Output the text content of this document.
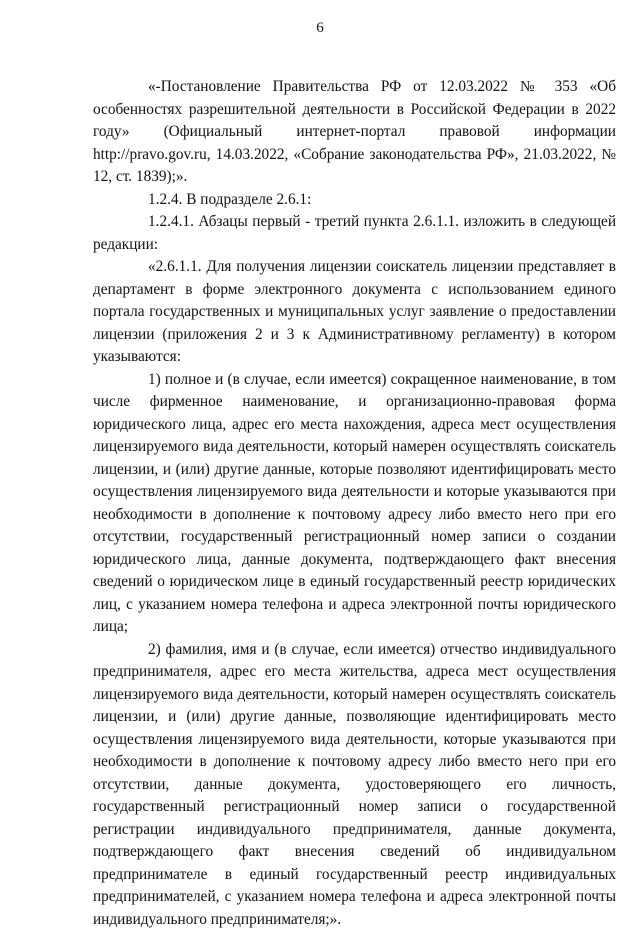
6

«-Постановление Правительства РФ от 12.03.2022 № 353 «Об особенностях разрешительной деятельности в Российской Федерации в 2022 году» (Официальный интернет-портал правовой информации http://pravo.gov.ru, 14.03.2022, «Собрание законодательства РФ», 21.03.2022, № 12, ст. 1839);».

1.2.4. В подразделе 2.6.1:

1.2.4.1. Абзацы первый - третий пункта 2.6.1.1. изложить в следующей редакции:

«2.6.1.1. Для получения лицензии соискатель лицензии представляет в департамент в форме электронного документа с использованием единого портала государственных и муниципальных услуг заявление о предоставлении лицензии (приложения 2 и 3 к Административному регламенту) в котором указываются:

1) полное и (в случае, если имеется) сокращенное наименование, в том числе фирменное наименование, и организационно-правовая форма юридического лица, адрес его места нахождения, адреса мест осуществления лицензируемого вида деятельности, который намерен осуществлять соискатель лицензии, и (или) другие данные, которые позволяют идентифицировать место осуществления лицензируемого вида деятельности и которые указываются при необходимости в дополнение к почтовому адресу либо вместо него при его отсутствии, государственный регистрационный номер записи о создании юридического лица, данные документа, подтверждающего факт внесения сведений о юридическом лице в единый государственный реестр юридических лиц, с указанием номера телефона и адреса электронной почты юридического лица;

2) фамилия, имя и (в случае, если имеется) отчество индивидуального предпринимателя, адрес его места жительства, адреса мест осуществления лицензируемого вида деятельности, который намерен осуществлять соискатель лицензии, и (или) другие данные, позволяющие идентифицировать место осуществления лицензируемого вида деятельности, которые указываются при необходимости в дополнение к почтовому адресу либо вместо него при его отсутствии, данные документа, удостоверяющего его личность, государственный регистрационный номер записи о государственной регистрации индивидуального предпринимателя, данные документа, подтверждающего факт внесения сведений об индивидуальном предпринимателе в единый государственный реестр индивидуальных предпринимателей, с указанием номера телефона и адреса электронной почты индивидуального предпринимателя;».
